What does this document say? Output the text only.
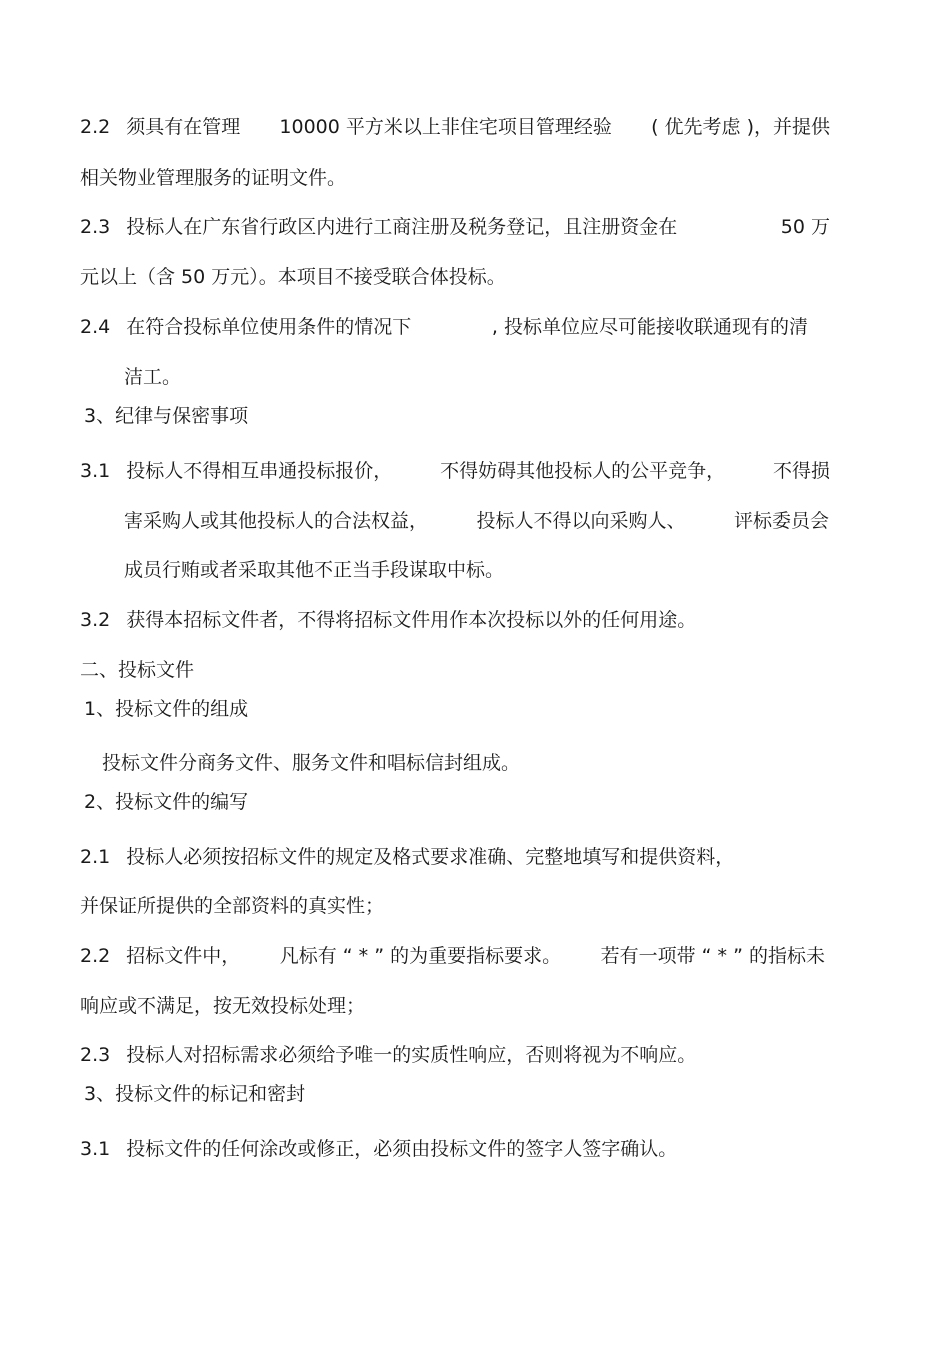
2.2 须具有在管理 10000 平方米以上非住宅项目管理经验 ( 优先考虑 )，并提供
相关物业管理服务的证明文件。
2.3 投标人在广东省行政区内进行工商注册及税务登记，且注册资金在	50 万
元以上（含 50 万元）。本项目不接受联合体投标。
2.4 在符合投标单位使用条件的情况下	, 投标单位应尽可能接收联通现有的清
洁工。
3、纪律与保密事项
3.1 投标人不得相互串通投标报价，	不得妨碍其他投标人的公平竞争，	不得损
害采购人或其他投标人的合法权益，	投标人不得以向采购人、	评标委员会
成员行贿或者采取其他不正当手段谋取中标。
3.2 获得本招标文件者，不得将招标文件用作本次投标以外的任何用途。
二、投标文件
1、投标文件的组成
投标文件分商务文件、服务文件和唱标信封组成。
2、投标文件的编写
2.1 投标人必须按招标文件的规定及格式要求准确、完整地填写和提供资料，
并保证所提供的全部资料的真实性；
2.2 招标文件中， 凡标有 “ * ” 的为重要指标要求。 若有一项带 “ * ” 的指标未
响应或不满足，按无效投标处理；
2.3 投标人对招标需求必须给予唯一的实质性响应，否则将视为不响应。
3、投标文件的标记和密封
3.1 投标文件的任何涂改或修正，必须由投标文件的签字人签字确认。
